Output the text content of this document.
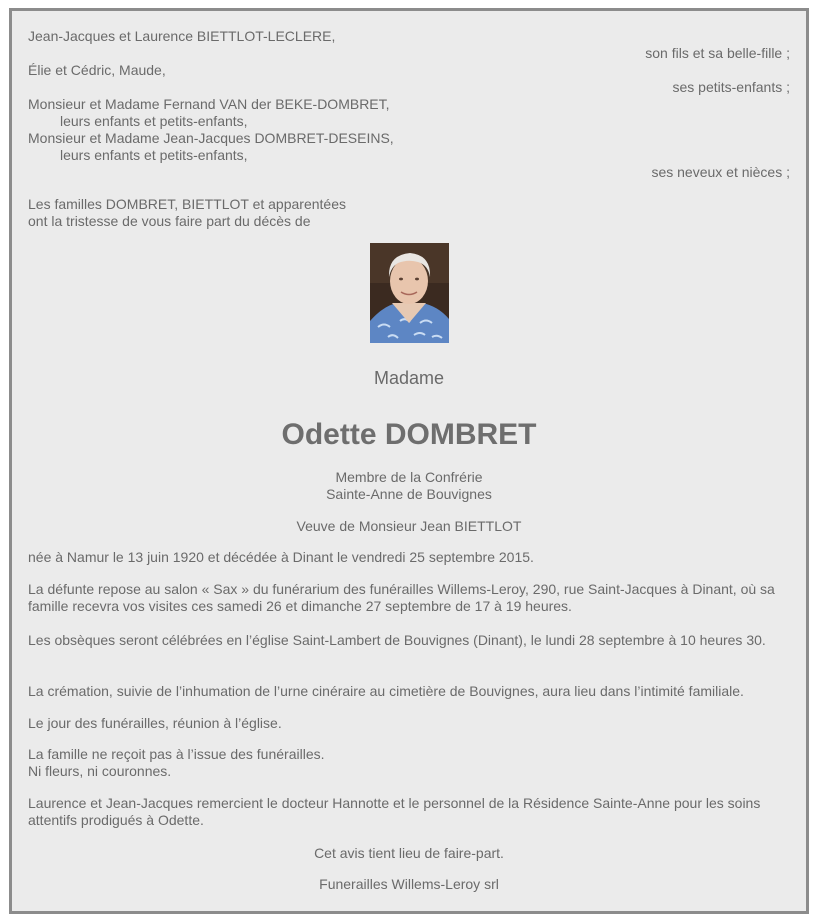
Jean-Jacques et Laurence BIETTLOT-LECLERE,
son fils et sa belle-fille ;
Élie et Cédric, Maude,
ses petits-enfants ;
Monsieur et Madame Fernand VAN der BEKE-DOMBRET,
leurs enfants et petits-enfants,
Monsieur et Madame Jean-Jacques DOMBRET-DESEINS,
leurs enfants et petits-enfants,
ses neveux et nièces ;
Les familles DOMBRET, BIETTLOT et apparentées
ont la tristesse de vous faire part du décès de
Madame
Odette DOMBRET
Membre de la Confrérie
Sainte-Anne de Bouvignes
Veuve de Monsieur Jean BIETTLOT
née à Namur le 13 juin 1920 et décédée à Dinant le vendredi 25 septembre 2015.
La défunte repose au salon « Sax » du funérarium des funérailles Willems-Leroy, 290, rue Saint-Jacques à Dinant, où sa famille recevra vos visites ces samedi 26 et dimanche 27 septembre de 17 à 19 heures.
Les obsèques seront célébrées en l’église Saint-Lambert de Bouvignes (Dinant), le lundi 28 septembre à 10 heures 30.
La crémation, suivie de l’inhumation de l’urne cinéraire au cimetière de Bouvignes, aura lieu dans l’intimité familiale.
Le jour des funérailles, réunion à l’église.
La famille ne reçoit pas à l’issue des funérailles.
Ni fleurs, ni couronnes.
Laurence et Jean-Jacques remercient le docteur Hannotte et le personnel de la Résidence Sainte-Anne pour les soins attentifs prodigués à Odette.
Cet avis tient lieu de faire-part.
Funerailles Willems-Leroy srl
